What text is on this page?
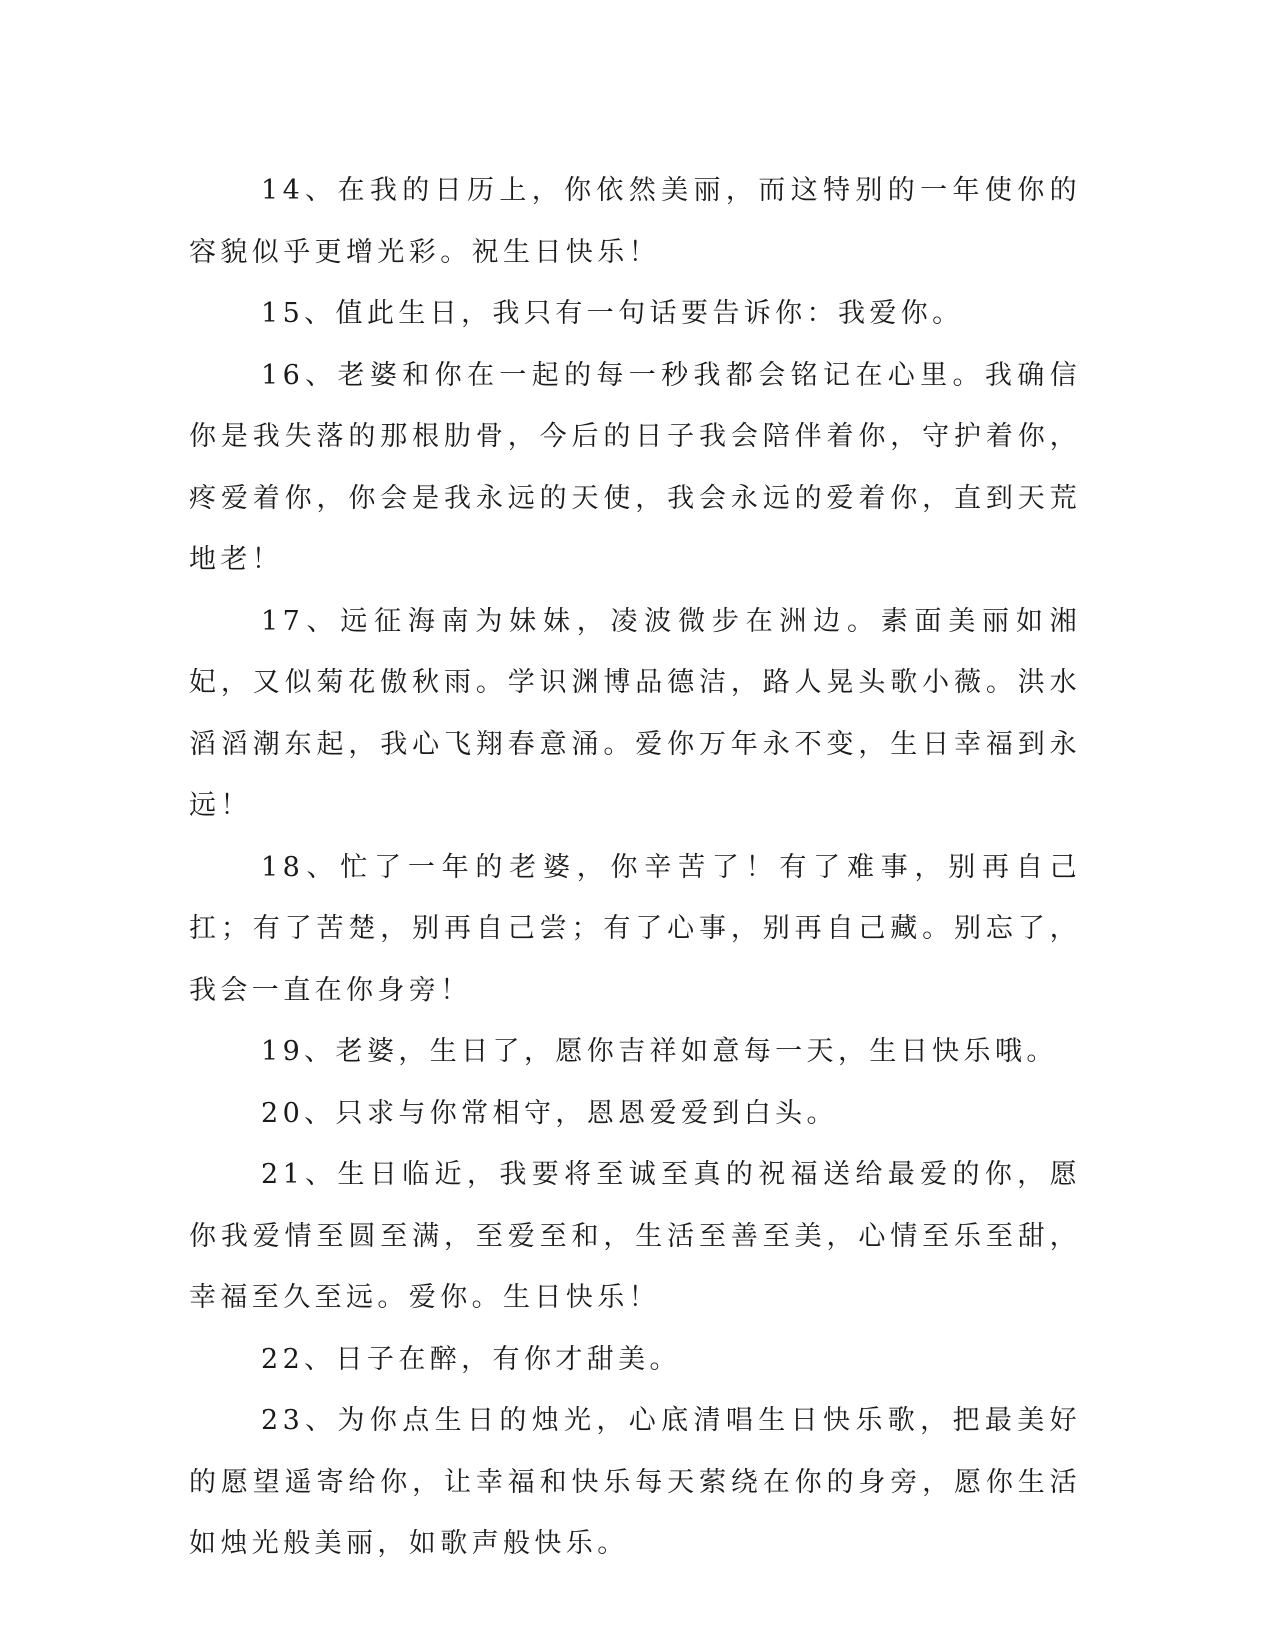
14、在我的日历上，你依然美丽，而这特别的一年使你的容貌似乎更增光彩。祝生日快乐！

15、值此生日，我只有一句话要告诉你：我爱你。

16、老婆和你在一起的每一秒我都会铭记在心里。我确信你是我失落的那根肋骨，今后的日子我会陪伴着你，守护着你，疼爱着你，你会是我永远的天使，我会永远的爱着你，直到天荒地老！

17、远征海南为妹妹，凌波微步在洲边。素面美丽如湘妃，又似菊花傲秋雨。学识渊博品德洁，路人晃头歌小薇。洪水滔滔潮东起，我心飞翔春意涌。爱你万年永不变，生日幸福到永远！

18、忙了一年的老婆，你辛苦了！有了难事，别再自己扛；有了苦楚，别再自己尝；有了心事，别再自己藏。别忘了，我会一直在你身旁！

19、老婆，生日了，愿你吉祥如意每一天，生日快乐哦。

20、只求与你常相守，恩恩爱爱到白头。

21、生日临近，我要将至诚至真的祝福送给最爱的你，愿你我爱情至圆至满，至爱至和，生活至善至美，心情至乐至甜，幸福至久至远。爱你。生日快乐！

22、日子在醉，有你才甜美。

23、为你点生日的烛光，心底清唱生日快乐歌，把最美好的愿望遥寄给你，让幸福和快乐每天萦绕在你的身旁，愿你生活如烛光般美丽，如歌声般快乐。
